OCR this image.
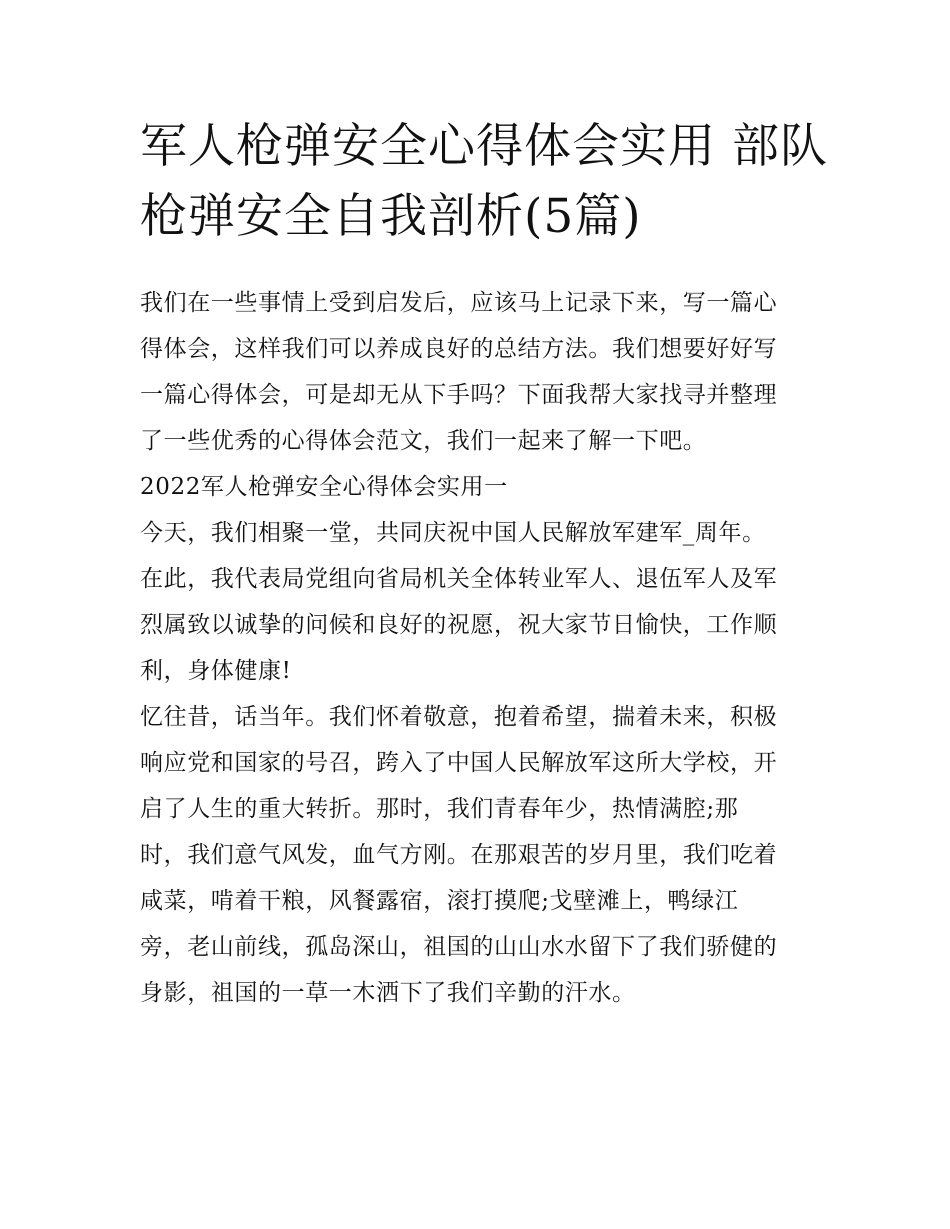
军人枪弹安全心得体会实用 部队枪弹安全自我剖析(5篇)
我们在一些事情上受到启发后，应该马上记录下来，写一篇心
得体会，这样我们可以养成良好的总结方法。我们想要好好写
一篇心得体会，可是却无从下手吗？下面我帮大家找寻并整理
了一些优秀的心得体会范文，我们一起来了解一下吧。
2022军人枪弹安全心得体会实用一
今天，我们相聚一堂，共同庆祝中国人民解放军建军_周年。
在此，我代表局党组向省局机关全体转业军人、退伍军人及军
烈属致以诚挚的问候和良好的祝愿，祝大家节日愉快，工作顺
利，身体健康!
忆往昔，话当年。我们怀着敬意，抱着希望，揣着未来，积极
响应党和国家的号召，跨入了中国人民解放军这所大学校，开
启了人生的重大转折。那时，我们青春年少，热情满腔;那
时，我们意气风发，血气方刚。在那艰苦的岁月里，我们吃着
咸菜，啃着干粮，风餐露宿，滚打摸爬;戈壁滩上，鸭绿江
旁，老山前线，孤岛深山，祖国的山山水水留下了我们骄健的
身影，祖国的一草一木洒下了我们辛勤的汗水。
